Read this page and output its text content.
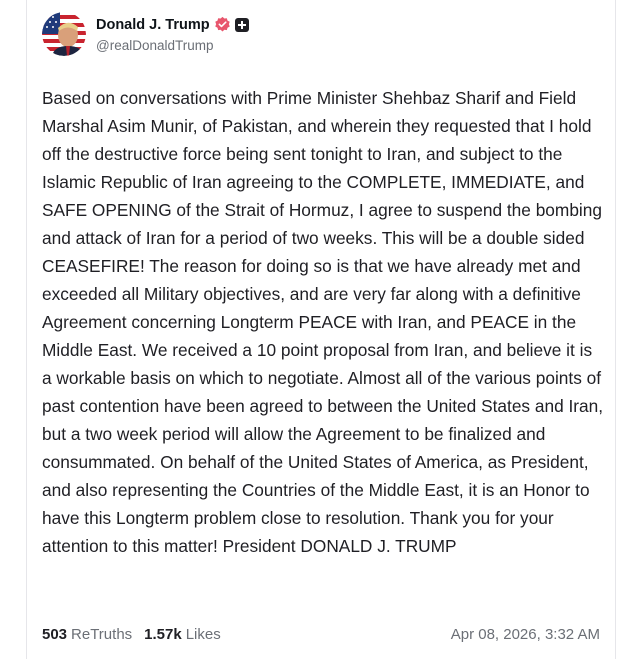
Donald J. Trump
@realDonaldTrump
Based on conversations with Prime Minister Shehbaz Sharif and Field Marshal Asim Munir, of Pakistan, and wherein they requested that I hold off the destructive force being sent tonight to Iran, and subject to the Islamic Republic of Iran agreeing to the COMPLETE, IMMEDIATE, and SAFE OPENING of the Strait of Hormuz, I agree to suspend the bombing and attack of Iran for a period of two weeks. This will be a double sided CEASEFIRE! The reason for doing so is that we have already met and exceeded all Military objectives, and are very far along with a definitive Agreement concerning Longterm PEACE with Iran, and PEACE in the Middle East. We received a 10 point proposal from Iran, and believe it is a workable basis on which to negotiate. Almost all of the various points of past contention have been agreed to between the United States and Iran, but a two week period will allow the Agreement to be finalized and consummated. On behalf of the United States of America, as President, and also representing the Countries of the Middle East, it is an Honor to have this Longterm problem close to resolution. Thank you for your attention to this matter! President DONALD J. TRUMP
503 ReTruths 1.57k Likes	Apr 08, 2026, 3:32 AM
